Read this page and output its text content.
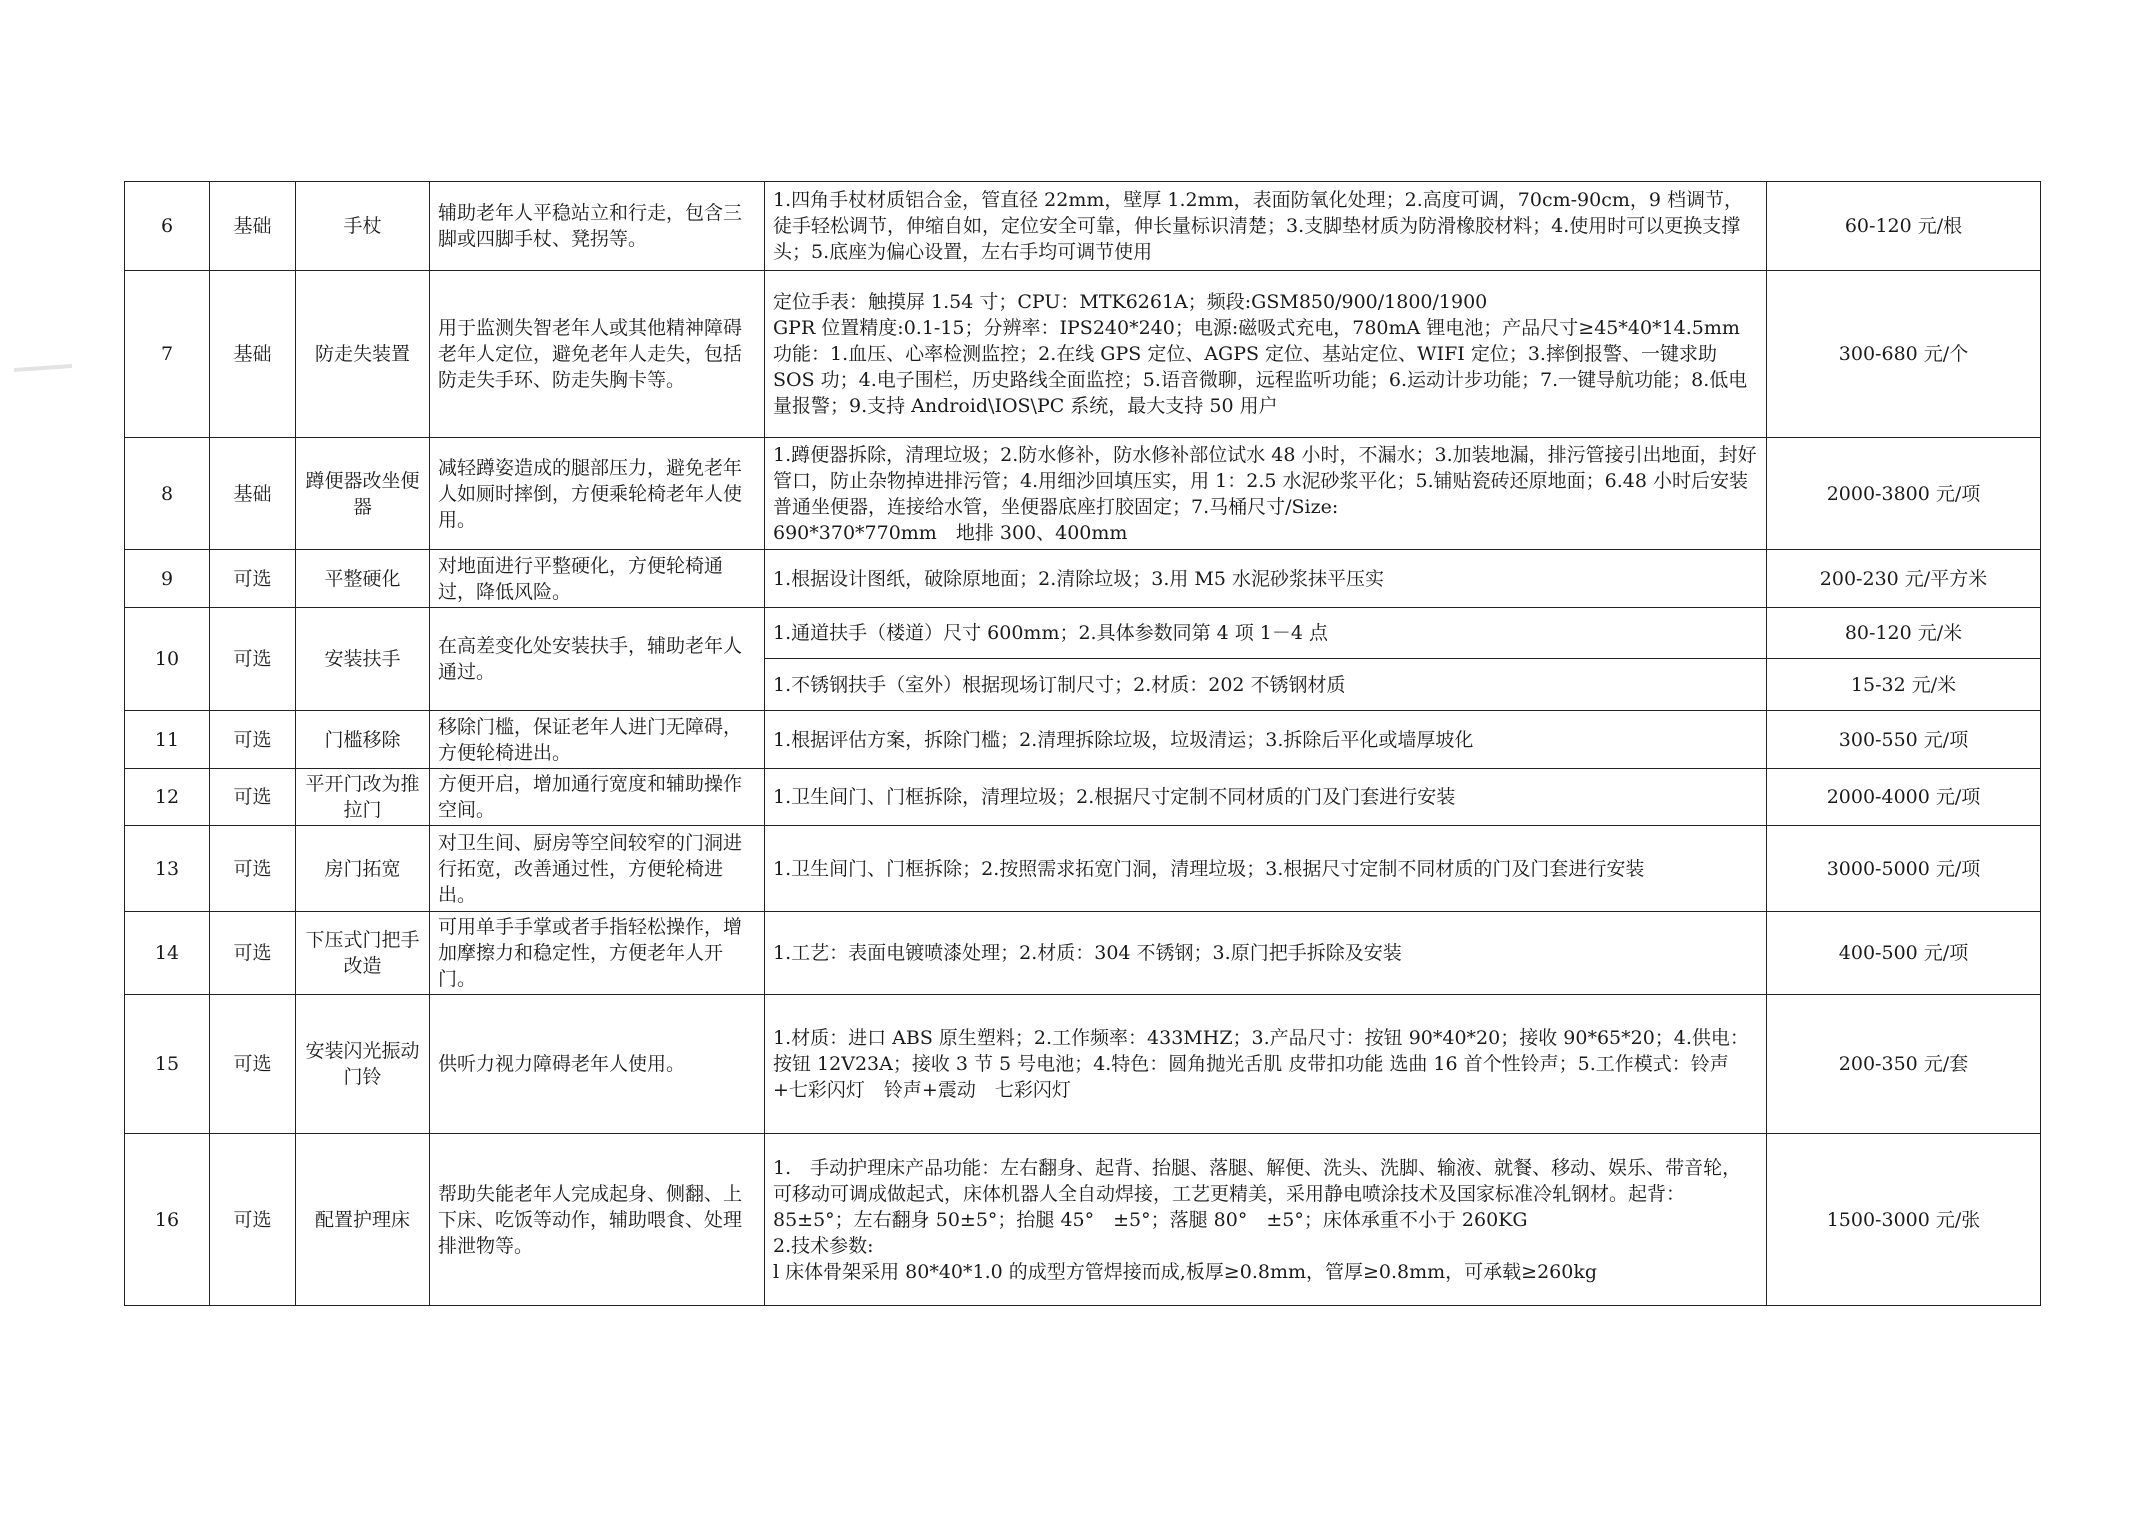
6	基础	手杖	辅助老年人平稳站立和行走，包含三脚或四脚手杖、凳拐等。	1.四角手杖材质铝合金，管直径 22mm，壁厚 1.2mm，表面防氧化处理；2.高度可调，70cm-90cm，9 档调节，徒手轻松调节，伸缩自如，定位安全可靠，伸长量标识清楚；3.支脚垫材质为防滑橡胶材料；4.使用时可以更换支撑头；5.底座为偏心设置，左右手均可调节使用	60-120 元/根
7	基础	防走失装置	用于监测失智老年人或其他精神障碍老年人定位，避免老年人走失，包括防走失手环、防走失胸卡等。	定位手表：触摸屏 1.54 寸；CPU：MTK6261A；频段:GSM850/900/1800/1900
GPR 位置精度:0.1-15；分辨率：IPS240*240；电源:磁吸式充电，780mA 锂电池；产品尺寸≥45*40*14.5mm
功能：1.血压、心率检测监控；2.在线 GPS 定位、AGPS 定位、基站定位、WIFI 定位；3.摔倒报警、一键求助 SOS 功；4.电子围栏，历史路线全面监控；5.语音微聊，远程监听功能；6.运动计步功能；7.一键导航功能；8.低电量报警；9.支持 Android\IOS\PC 系统，最大支持 50 用户	300-680 元/个
8	基础	蹲便器改坐便器	减轻蹲姿造成的腿部压力，避免老年人如厕时摔倒，方便乘轮椅老年人使用。	1.蹲便器拆除，清理垃圾；2.防水修补，防水修补部位试水 48 小时，不漏水；3.加装地漏，排污管接引出地面，封好管口，防止杂物掉进排污管；4.用细沙回填压实，用 1：2.5 水泥砂浆平化；5.铺贴瓷砖还原地面；6.48 小时后安装普通坐便器，连接给水管，坐便器底座打胶固定；7.马桶尺寸/Size:
690*370*770mm　地排 300、400mm	2000-3800 元/项
9	可选	平整硬化	对地面进行平整硬化，方便轮椅通过，降低风险。	1.根据设计图纸，破除原地面；2.清除垃圾；3.用 M5 水泥砂浆抹平压实	200-230 元/平方米
10	可选	安装扶手	在高差变化处安装扶手，辅助老年人通过。	1.通道扶手（楼道）尺寸 600mm；2.具体参数同第 4 项 1－4 点	80-120 元/米

				1.不锈钢扶手（室外）根据现场订制尺寸；2.材质：202 不锈钢材质	15-32 元/米
11	可选	门槛移除	移除门槛，保证老年人进门无障碍，方便轮椅进出。	1.根据评估方案，拆除门槛；2.清理拆除垃圾，垃圾清运；3.拆除后平化或墙厚坡化	300-550 元/项
12	可选	平开门改为推拉门	方便开启，增加通行宽度和辅助操作空间。	1.卫生间门、门框拆除，清理垃圾；2.根据尺寸定制不同材质的门及门套进行安装	2000-4000 元/项
13	可选	房门拓宽	对卫生间、厨房等空间较窄的门洞进行拓宽，改善通过性，方便轮椅进出。	1.卫生间门、门框拆除；2.按照需求拓宽门洞，清理垃圾；3.根据尺寸定制不同材质的门及门套进行安装	3000-5000 元/项
14	可选	下压式门把手改造	可用单手手掌或者手指轻松操作，增加摩擦力和稳定性，方便老年人开门。	1.工艺：表面电镀喷漆处理；2.材质：304 不锈钢；3.原门把手拆除及安装	400-500 元/项
15	可选	安装闪光振动门铃	供听力视力障碍老年人使用。	1.材质：进口 ABS 原生塑料；2.工作频率：433MHZ；3.产品尺寸：按钮 90*40*20；接收 90*65*20；4.供电：按钮 12V23A；接收 3 节 5 号电池；4.特色：圆角抛光舌肌 皮带扣功能 选曲 16 首个性铃声；5.工作模式：铃声+七彩闪灯　铃声+震动　七彩闪灯	200-350 元/套
16	可选	配置护理床	帮助失能老年人完成起身、侧翻、上下床、吃饭等动作，辅助喂食、处理排泄物等。	1.　手动护理床产品功能：左右翻身、起背、抬腿、落腿、解便、洗头、洗脚、输液、就餐、移动、娱乐、带音轮，可移动可调成做起式，床体机器人全自动焊接，工艺更精美，采用静电喷涂技术及国家标准冷轧钢材。起背：85±5°；左右翻身 50±5°；抬腿 45°　±5°；落腿 80°　±5°；床体承重不小于 260KG
2.技术参数:
l 床体骨架采用 80*40*1.0 的成型方管焊接而成,板厚≥0.8mm，管厚≥0.8mm，可承载≥260kg	1500-3000 元/张
